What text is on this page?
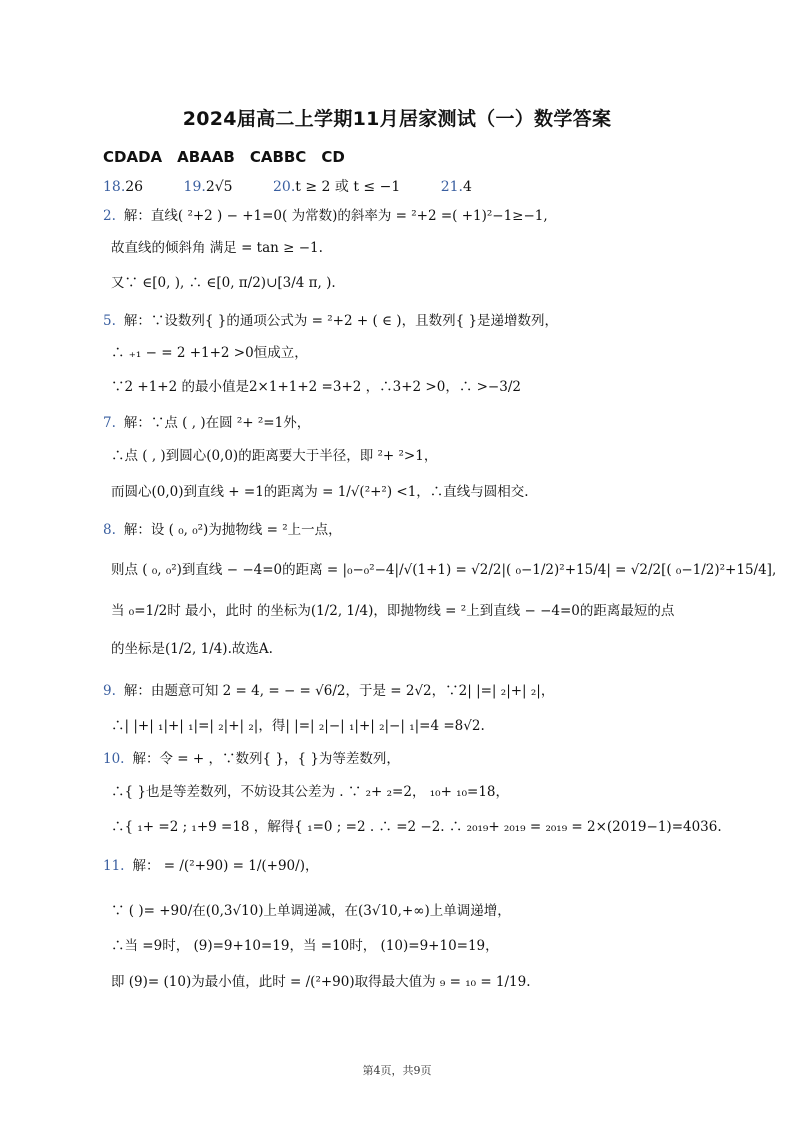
2024届高二上学期11月居家测试（一）数学答案
CDADA　ABAAB　CABBC　CD
18.26	19.2√5	20.t ≥ 2 或 t ≤ −1	21.4
2. 解：直线( ²+2 ) − +1=0( 为常数)的斜率为 = ²+2 =( +1)²−1≥−1,
故直线的倾斜角 满足 = tan ≥ −1.
又∵ ∈[0, ), ∴ ∈[0, π/2)∪[3/4 π, ).
5. 解：∵设数列{ }的通项公式为 = ²+2 + ( ∈ )，且数列{ }是递增数列，
∴ ₊₁ − = 2 +1+2 >0恒成立，
∵2 +1+2 的最小值是2×1+1+2 =3+2 ，∴3+2 >0，∴ >−3/2
7. 解：∵点 ( , )在圆 ²+ ²=1外，
∴点 ( , )到圆心(0,0)的距离要大于半径，即 ²+ ²>1，
而圆心(0,0)到直线 + =1的距离为 = 1/√(²+²) <1，∴直线与圆相交.
8. 解：设 ( ₀, ₀²)为抛物线 = ²上一点，
则点 ( ₀, ₀²)到直线 − −4=0的距离 = |₀−₀²−4|/√(1+1) = √2/2|( ₀−1/2)²+15/4| = √2/2[( ₀−1/2)²+15/4],
当 ₀=1/2时 最小，此时 的坐标为(1/2, 1/4)，即抛物线 = ²上到直线 − −4=0的距离最短的点
的坐标是(1/2, 1/4).故选A.
9. 解：由题意可知 2 = 4, = − = √6/2，于是 = 2√2，∵2| |=| ₂|+| ₂|，
∴| |+| ₁|+| ₁|=| ₂|+| ₂|，得| |=| ₂|−| ₁|+| ₂|−| ₁|=4 =8√2.
10. 解：令 = + ，∵数列{ }，{ }为等差数列，
∴{ }也是等差数列，不妨设其公差为 . ∵ ₂+ ₂=2， ₁₀+ ₁₀=18，
∴{ ₁+ =2 ; ₁+9 =18 ，解得{ ₁=0 ; =2 . ∴ =2 −2. ∴ ₂₀₁₉+ ₂₀₁₉ = ₂₀₁₉ = 2×(2019−1)=4036.
11. 解： = /(²+90) = 1/(+90/)，
∵ ( )= +90/在(0,3√10)上单调递减，在(3√10,+∞)上单调递增，
∴当 =9时， (9)=9+10=19，当 =10时， (10)=9+10=19，
即 (9)= (10)为最小值，此时 = /(²+90)取得最大值为 ₉ = ₁₀ = 1/19.
第4页，共9页
